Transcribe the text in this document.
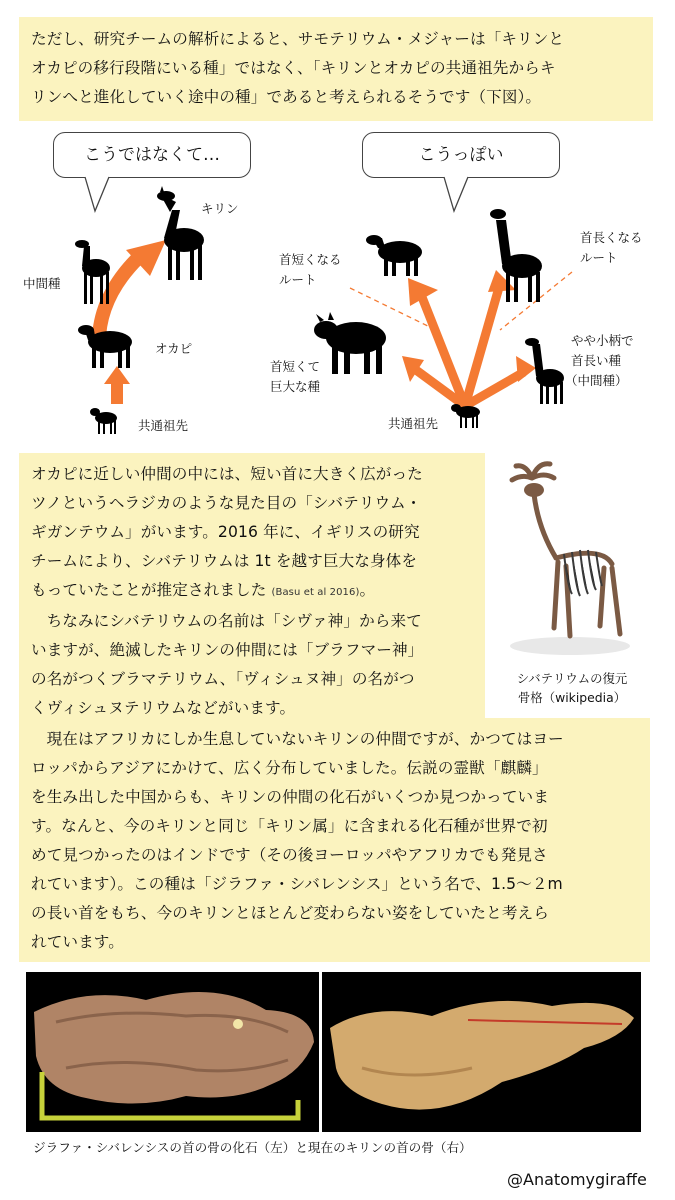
ただし、研究チームの解析によると、サモテリウム・メジャーは「キリンと

オカピの移行段階にいる種」ではなく、「キリンとオカピの共通祖先からキ

リンへと進化していく途中の種」であると考えられるそうです（下図）。

こうではなくて…
キリン
中間種
オカピ
共通祖先
こうっぽい
首短くなる
ルート
首長くなる
ルート
首短くて
巨大な種
やや小柄で
首長い種
（中間種）
共通祖先

オカピに近しい仲間の中には、短い首に大きく広がった

ツノというヘラジカのような見た目の「シバテリウム・

ギガンテウム」がいます。2016 年に、イギリスの研究

チームにより、シバテリウムは 1t を越す巨大な身体を

もっていたことが推定されました (Basu et al 2016)。

ちなみにシバテリウムの名前は「シヴァ神」から来て

いますが、絶滅したキリンの仲間には「ブラフマー神」

の名がつくブラマテリウム、「ヴィシュヌ神」の名がつ

くヴィシュヌテリウムなどがいます。

シバテリウムの復元
骨格（wikipedia）

現在はアフリカにしか生息していないキリンの仲間ですが、かつてはヨー

ロッパからアジアにかけて、広く分布していました。伝説の霊獣「麒麟」

を生み出した中国からも、キリンの仲間の化石がいくつか見つかっていま

す。なんと、今のキリンと同じ「キリン属」に含まれる化石種が世界で初

めて見つかったのはインドです（その後ヨーロッパやアフリカでも発見さ

れています）。この種は「ジラファ・シバレンシス」という名で、1.5〜２m

の長い首をもち、今のキリンとほとんど変わらない姿をしていたと考えら

れています。

ジラファ・シバレンシスの首の骨の化石（左）と現在のキリンの首の骨（右）
@Anatomygiraffe
